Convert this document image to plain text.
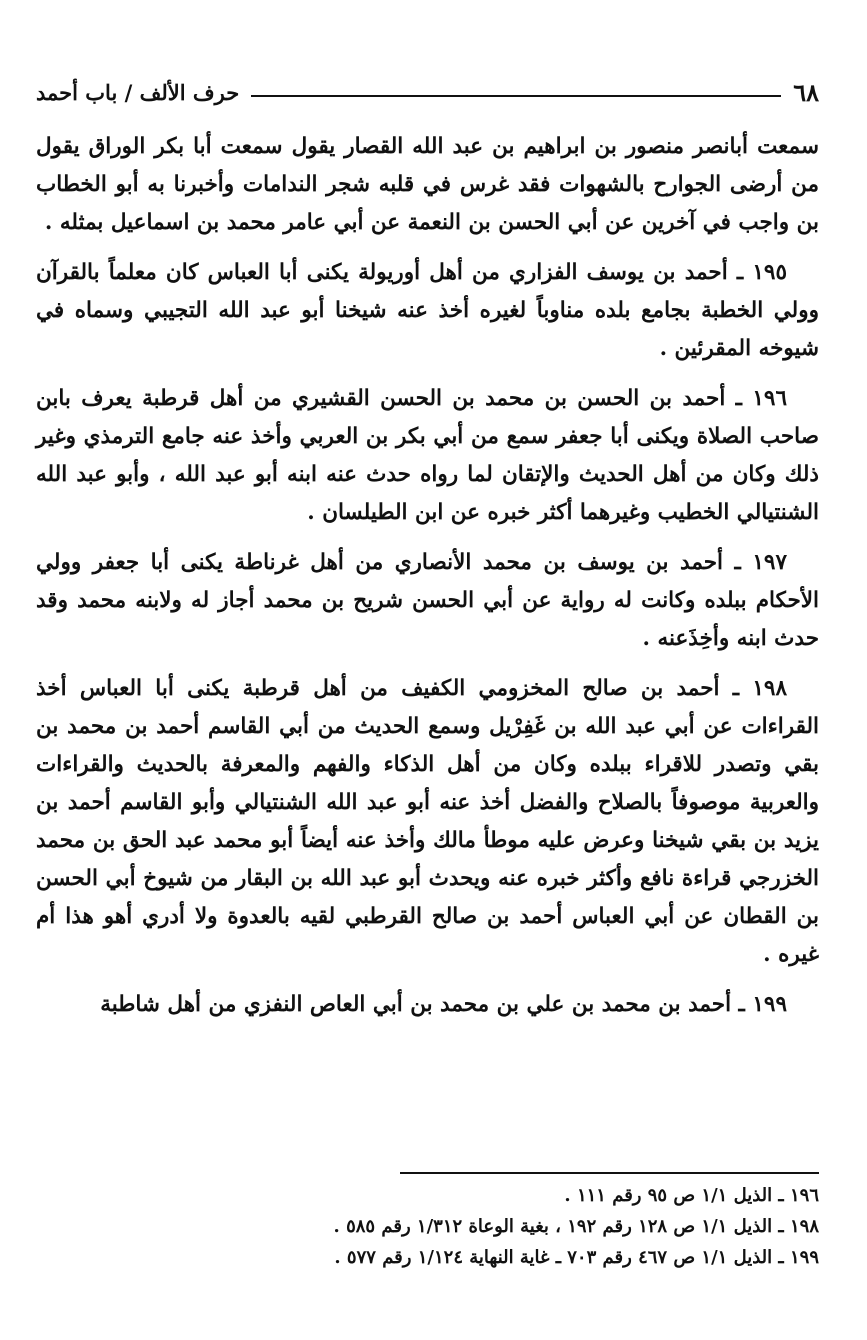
٦٨
حرف الألف / باب أحمد

سمعت أبانصر منصور بن ابراهيم بن عبد الله القصار يقول سمعت أبا بكر الوراق يقول من أرضى الجوارح بالشهوات فقد غرس في قلبه شجر الندامات وأخبرنا به أبو الخطاب بن واجب في آخرين عن أبي الحسن بن النعمة عن أبي عامر محمد بن اسماعيل بمثله .

١٩٥ ـ أحمد بن يوسف الفزاري من أهل أوريولة يكنى أبا العباس كان معلماً بالقرآن وولي الخطبة بجامع بلده مناوباً لغيره أخذ عنه شيخنا أبو عبد الله التجيبي وسماه في شيوخه المقرئين .

١٩٦ ـ أحمد بن الحسن بن محمد بن الحسن القشيري من أهل قرطبة يعرف بابن صاحب الصلاة ويكنى أبا جعفر سمع من أبي بكر بن العربي وأخذ عنه جامع الترمذي وغير ذلك وكان من أهل الحديث والإتقان لما رواه حدث عنه ابنه أبو عبد الله ، وأبو عبد الله الشنتيالي الخطيب وغيرهما أكثر خبره عن ابن الطيلسان .

١٩٧ ـ أحمد بن يوسف بن محمد الأنصاري من أهل غرناطة يكنى أبا جعفر وولي الأحكام ببلده وكانت له رواية عن أبي الحسن شريح بن محمد أجاز له ولابنه محمد وقد حدث ابنه وأخِذَعنه .

١٩٨ ـ أحمد بن صالح المخزومي الكفيف من أهل قرطبة يكنى أبا العباس أخذ القراءات عن أبي عبد الله بن غَفِرْيل وسمع الحديث من أبي القاسم أحمد بن محمد بن بقي وتصدر للاقراء ببلده وكان من أهل الذكاء والفهم والمعرفة بالحديث والقراءات والعربية موصوفاً بالصلاح والفضل أخذ عنه أبو عبد الله الشنتيالي وأبو القاسم أحمد بن يزيد بن بقي شيخنا وعرض عليه موطأ مالك وأخذ عنه أيضاً أبو محمد عبد الحق بن محمد الخزرجي قراءة نافع وأكثر خبره عنه ويحدث أبو عبد الله بن البقار من شيوخ أبي الحسن بن القطان عن أبي العباس أحمد بن صالح القرطبي لقيه بالعدوة ولا أدري أهو هذا أم غيره .

١٩٩ ـ أحمد بن محمد بن علي بن محمد بن أبي العاص النفزي من أهل شاطبة

١٩٦ ـ الذيل ١/١ ص ٩٥ رقم ١١١ .
١٩٨ ـ الذيل ١/١ ص ١٢٨ رقم ١٩٢ ، بغية الوعاة ١/٣١٢ رقم ٥٨٥ .
١٩٩ ـ الذيل ١/١ ص ٤٦٧ رقم ٧٠٣ ـ غاية النهاية ١/١٢٤ رقم ٥٧٧ .
